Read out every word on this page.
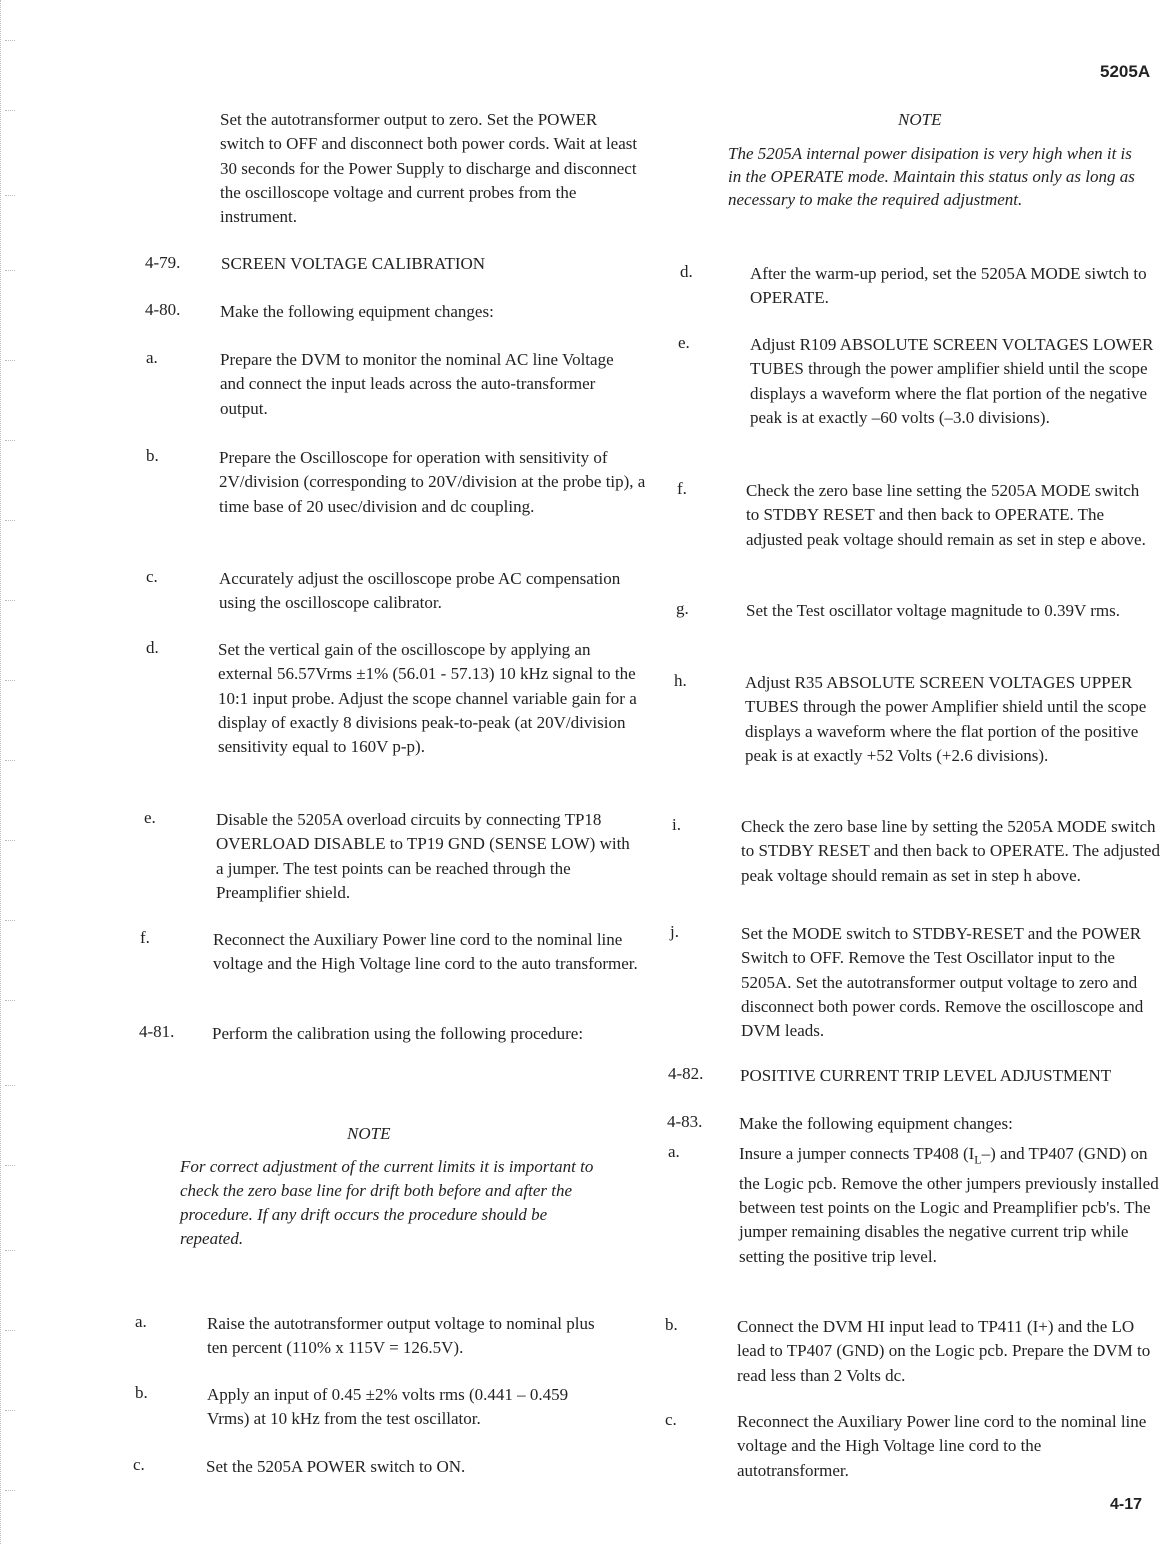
5205A
4-17
Set the autotransformer output to zero. Set the POWER switch to OFF and disconnect both power cords. Wait at least 30 seconds for the Power Supply to discharge and disconnect the oscilloscope voltage and current probes from the instrument.
4-79. SCREEN VOLTAGE CALIBRATION
4-80. Make the following equipment changes:
a.	Prepare the DVM to monitor the nominal AC line Voltage and connect the input leads across the auto-transformer output.
b.	Prepare the Oscilloscope for operation with sensitivity of 2V/division (corresponding to 20V/division at the probe tip), a time base of 20 usec/division and dc coupling.
c.	Accurately adjust the oscilloscope probe AC compensation using the oscilloscope calibrator.
d.	Set the vertical gain of the oscilloscope by applying an external 56.57Vrms ±1% (56.01 - 57.13) 10 kHz signal to the 10:1 input probe. Adjust the scope channel variable gain for a display of exactly 8 divisions peak-to-peak (at 20V/division sensitivity equal to 160V p-p).
e.	Disable the 5205A overload circuits by connecting TP18 OVERLOAD DISABLE to TP19 GND (SENSE LOW) with a jumper. The test points can be reached through the Preamplifier shield.
f.	Reconnect the Auxiliary Power line cord to the nominal line voltage and the High Voltage line cord to the auto transformer.
4-81.	Perform the calibration using the following procedure:
NOTE
For correct adjustment of the current limits it is important to check the zero base line for drift both before and after the procedure. If any drift occurs the procedure should be repeated.
a.	Raise the autotransformer output voltage to nominal plus ten percent (110% x 115V = 126.5V).
b.	Apply an input of 0.45 ±2% volts rms (0.441 – 0.459 Vrms) at 10 kHz from the test oscillator.
c.	Set the 5205A POWER switch to ON.
NOTE
The 5205A internal power disipation is very high when it is in the OPERATE mode. Maintain this status only as long as necessary to make the required adjustment.
d.	After the warm-up period, set the 5205A MODE siwtch to OPERATE.
e.	Adjust R109 ABSOLUTE SCREEN VOLTAGES LOWER TUBES through the power amplifier shield until the scope displays a waveform where the flat portion of the negative peak is at exactly –60 volts (–3.0 divisions).
f.	Check the zero base line setting the 5205A MODE switch to STDBY RESET and then back to OPERATE. The adjusted peak voltage should remain as set in step e above.
g.	Set the Test oscillator voltage magnitude to 0.39V rms.
h.	Adjust R35 ABSOLUTE SCREEN VOLTAGES UPPER TUBES through the power Amplifier shield until the scope displays a waveform where the flat portion of the positive peak is at exactly +52 Volts (+2.6 divisions).
i.	Check the zero base line by setting the 5205A MODE switch to STDBY RESET and then back to OPERATE. The adjusted peak voltage should remain as set in step h above.
j.	Set the MODE switch to STDBY-RESET and the POWER Switch to OFF. Remove the Test Oscillator input to the 5205A. Set the autotransformer output voltage to zero and disconnect both power cords. Remove the oscilloscope and DVM leads.
4-82. POSITIVE CURRENT TRIP LEVEL ADJUSTMENT
4-83. Make the following equipment changes:
a.	Insure a jumper connects TP408 $(I_L-)$ and TP407 (GND) on the Logic pcb. Remove the other jumpers previously installed between test points on the Logic and Preamplifier pcb's. The jumper remaining disables the negative current trip while setting the positive trip level.
b.	Connect the DVM HI input lead to TP411 (I+) and the LO lead to TP407 (GND) on the Logic pcb. Prepare the DVM to read less than 2 Volts dc.
c.	Reconnect the Auxiliary Power line cord to the nominal line voltage and the High Voltage line cord to the autotransformer.
